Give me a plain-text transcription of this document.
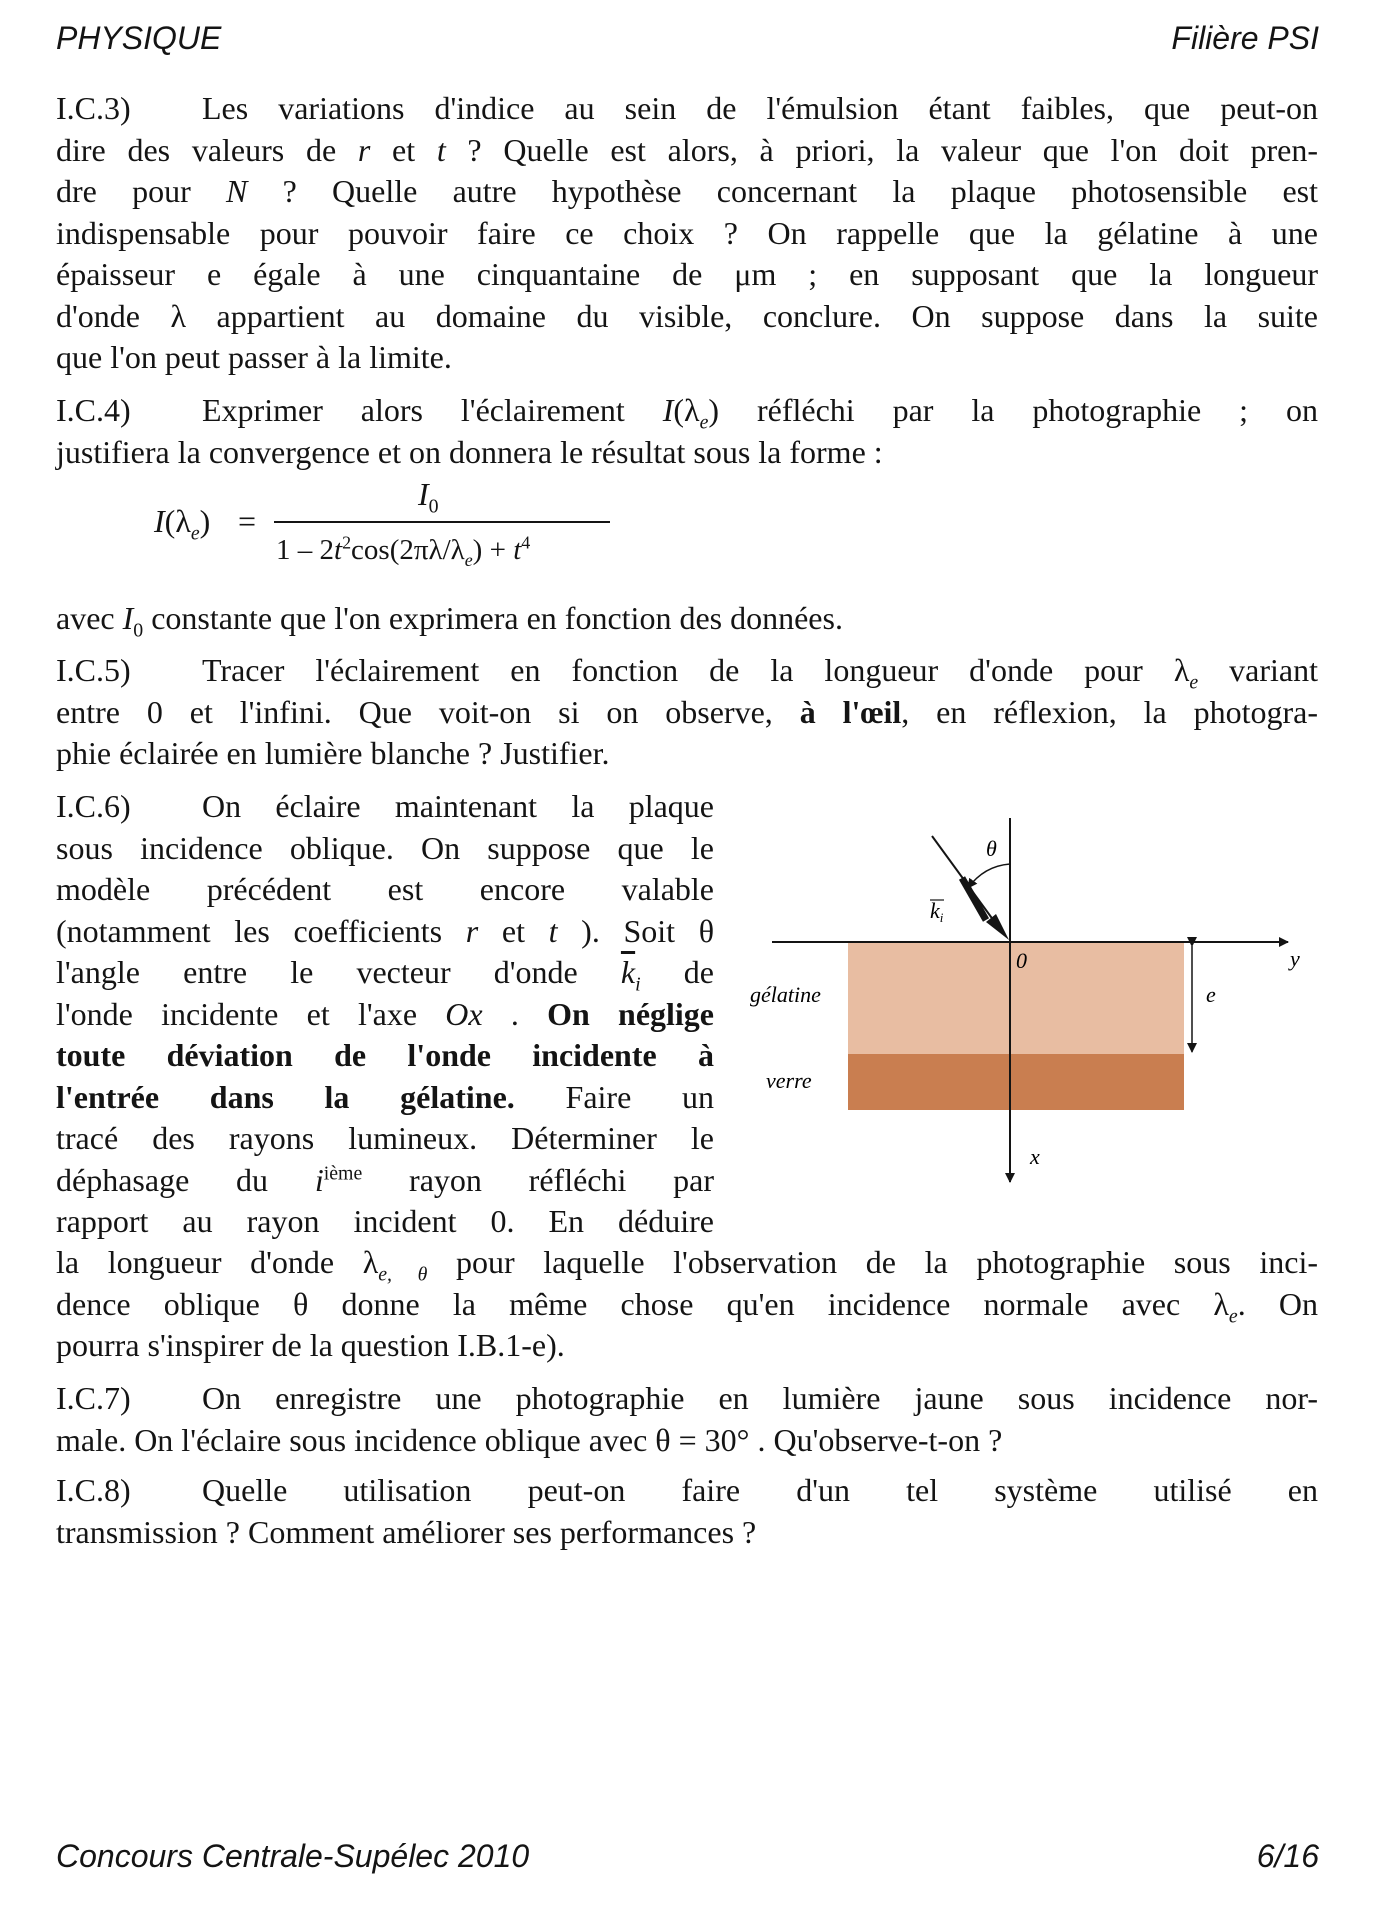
PHYSIQUE	Filière PSI
I.C.3) Les variations d'indice au sein de l'émulsion étant faibles, que peut-on
dire des valeurs de r et t ? Quelle est alors, à priori, la valeur que l'on doit pren-
dre pour N ? Quelle autre hypothèse concernant la plaque photosensible est
indispensable pour pouvoir faire ce choix ? On rappelle que la gélatine à une
épaisseur e égale à une cinquantaine de μm ; en supposant que la longueur
d'onde λ appartient au domaine du visible, conclure. On suppose dans la suite
que l'on peut passer à la limite.
I.C.4) Exprimer alors l'éclairement $I(\lambda_e)$ réfléchi par la photographie ; on
justifiera la convergence et on donnera le résultat sous la forme :
$I(\lambda_e)$ =
$I_0$
$1 - 2t^2\cos(2\pi\lambda/\lambda_e) + t^4$
avec $I_0$ constante que l'on exprimera en fonction des données.
I.C.5) Tracer l'éclairement en fonction de la longueur d'onde pour $\lambda_e$ variant
entre 0 et l'infini. Que voit-on si on observe, à l'œil, en réflexion, la photogra-
phie éclairée en lumière blanche ? Justifier.
I.C.6) On éclaire maintenant la plaque
sous incidence oblique. On suppose que le
modèle précédent est encore valable
(notamment les coefficients r et t ). Soit θ
l'angle entre le vecteur d'onde $\overline{k}_i$ de
l'onde incidente et l'axe Ox . On néglige
toute déviation de l'onde incidente à
l'entrée dans la gélatine. Faire un
tracé des rayons lumineux. Déterminer le
déphasage du $i^{ième}$ rayon réfléchi par
rapport au rayon incident 0. En déduire
la longueur d'onde $\lambda_{e, \theta}$ pour laquelle l'observation de la photographie sous inci-
dence oblique θ donne la même chose qu'en incidence normale avec $\lambda_e$. On
pourra s'inspirer de la question I.B.1-e).
I.C.7) On enregistre une photographie en lumière jaune sous incidence nor-
male. On l'éclaire sous incidence oblique avec θ = 30° . Qu'observe-t-on ?
I.C.8) Quelle utilisation peut-on faire d'un tel système utilisé en
transmission ? Comment améliorer ses performances ?
θ
ki
0	y
x
e
gélatine
verre
Concours Centrale-Supélec 2010	6/16
